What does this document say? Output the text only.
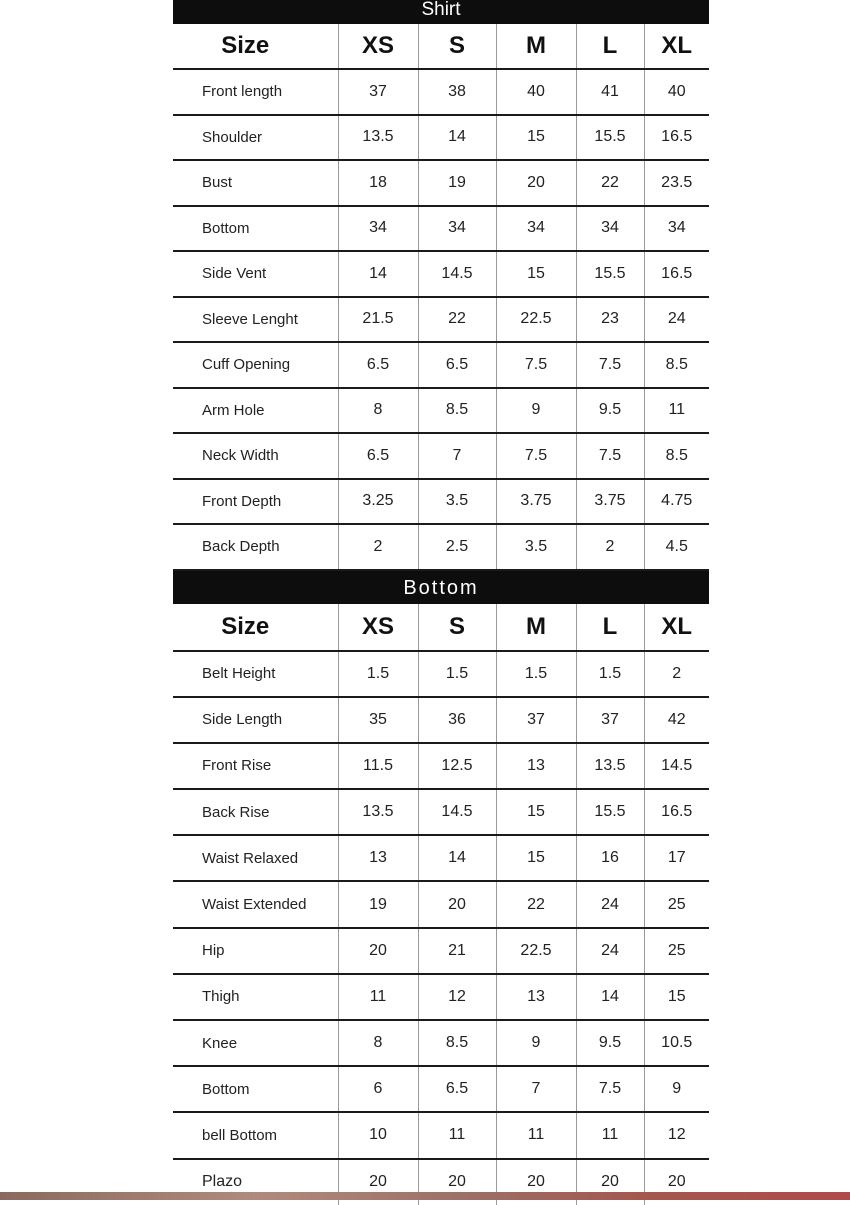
Shirt
Size	XS	S	M	L	XL
Front length	37	38	40	41	40
Shoulder	13.5	14	15	15.5	16.5
Bust	18	19	20	22	23.5
Bottom	34	34	34	34	34
Side Vent	14	14.5	15	15.5	16.5
Sleeve Lenght	21.5	22	22.5	23	24
Cuff Opening	6.5	6.5	7.5	7.5	8.5
Arm Hole	8	8.5	9	9.5	11
Neck Width	6.5	7	7.5	7.5	8.5
Front Depth	3.25	3.5	3.75	3.75	4.75
Back Depth	2	2.5	3.5	2	4.5
Bottom
Size	XS	S	M	L	XL
Belt Height	1.5	1.5	1.5	1.5	2
Side Length	35	36	37	37	42
Front Rise	11.5	12.5	13	13.5	14.5
Back Rise	13.5	14.5	15	15.5	16.5
Waist Relaxed	13	14	15	16	17
Waist Extended	19	20	22	24	25
Hip	20	21	22.5	24	25
Thigh	11	12	13	14	15
Knee	8	8.5	9	9.5	10.5
Bottom	6	6.5	7	7.5	9
bell Bottom	10	11	11	11	12
Plazo	20	20	20	20	20
